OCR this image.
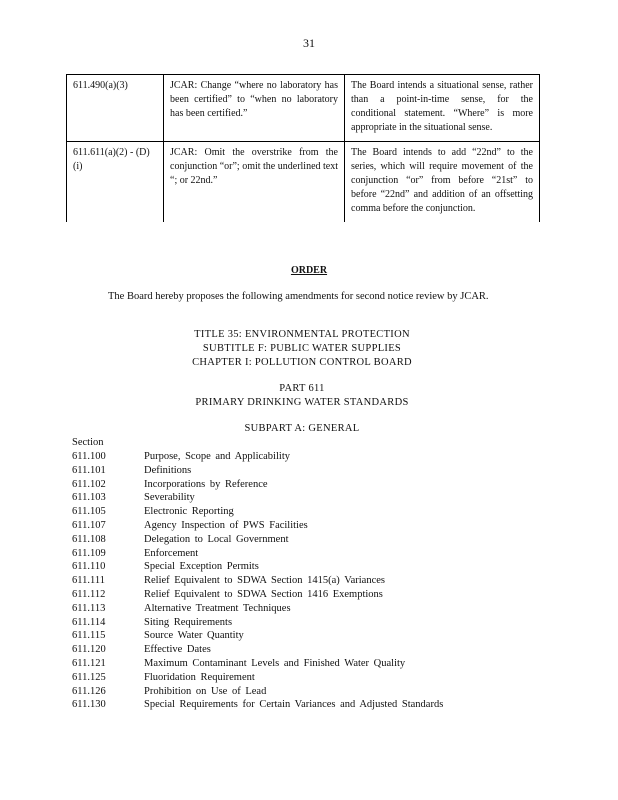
31
611.490(a)(3)	JCAR: Change “where no laboratory has been certified” to “when no laboratory has been certified.”	The Board intends a situational sense, rather than a point-in-time sense, for the conditional statement. “Where” is more appropriate in the situational sense.
611.611(a)(2) - (D)(i)	JCAR: Omit the overstrike from the conjunction “or”; omit the underlined text “; or 22nd.”	The Board intends to add “22nd” to the series, which will require movement of the conjunction “or” from before “21st” to before “22nd” and addition of an offsetting comma before the conjunction.
ORDER
The Board hereby proposes the following amendments for second notice review by JCAR.
TITLE 35: ENVIRONMENTAL PROTECTION
SUBTITLE F: PUBLIC WATER SUPPLIES
CHAPTER I: POLLUTION CONTROL BOARD
PART 611
PRIMARY DRINKING WATER STANDARDS
SUBPART A: GENERAL
Section
611.100	Purpose, Scope and Applicability
611.101	Definitions
611.102	Incorporations by Reference
611.103	Severability
611.105	Electronic Reporting
611.107	Agency Inspection of PWS Facilities
611.108	Delegation to Local Government
611.109	Enforcement
611.110	Special Exception Permits
611.111	Relief Equivalent to SDWA Section 1415(a) Variances
611.112	Relief Equivalent to SDWA Section 1416 Exemptions
611.113	Alternative Treatment Techniques
611.114	Siting Requirements
611.115	Source Water Quantity
611.120	Effective Dates
611.121	Maximum Contaminant Levels and Finished Water Quality
611.125	Fluoridation Requirement
611.126	Prohibition on Use of Lead
611.130	Special Requirements for Certain Variances and Adjusted Standards
